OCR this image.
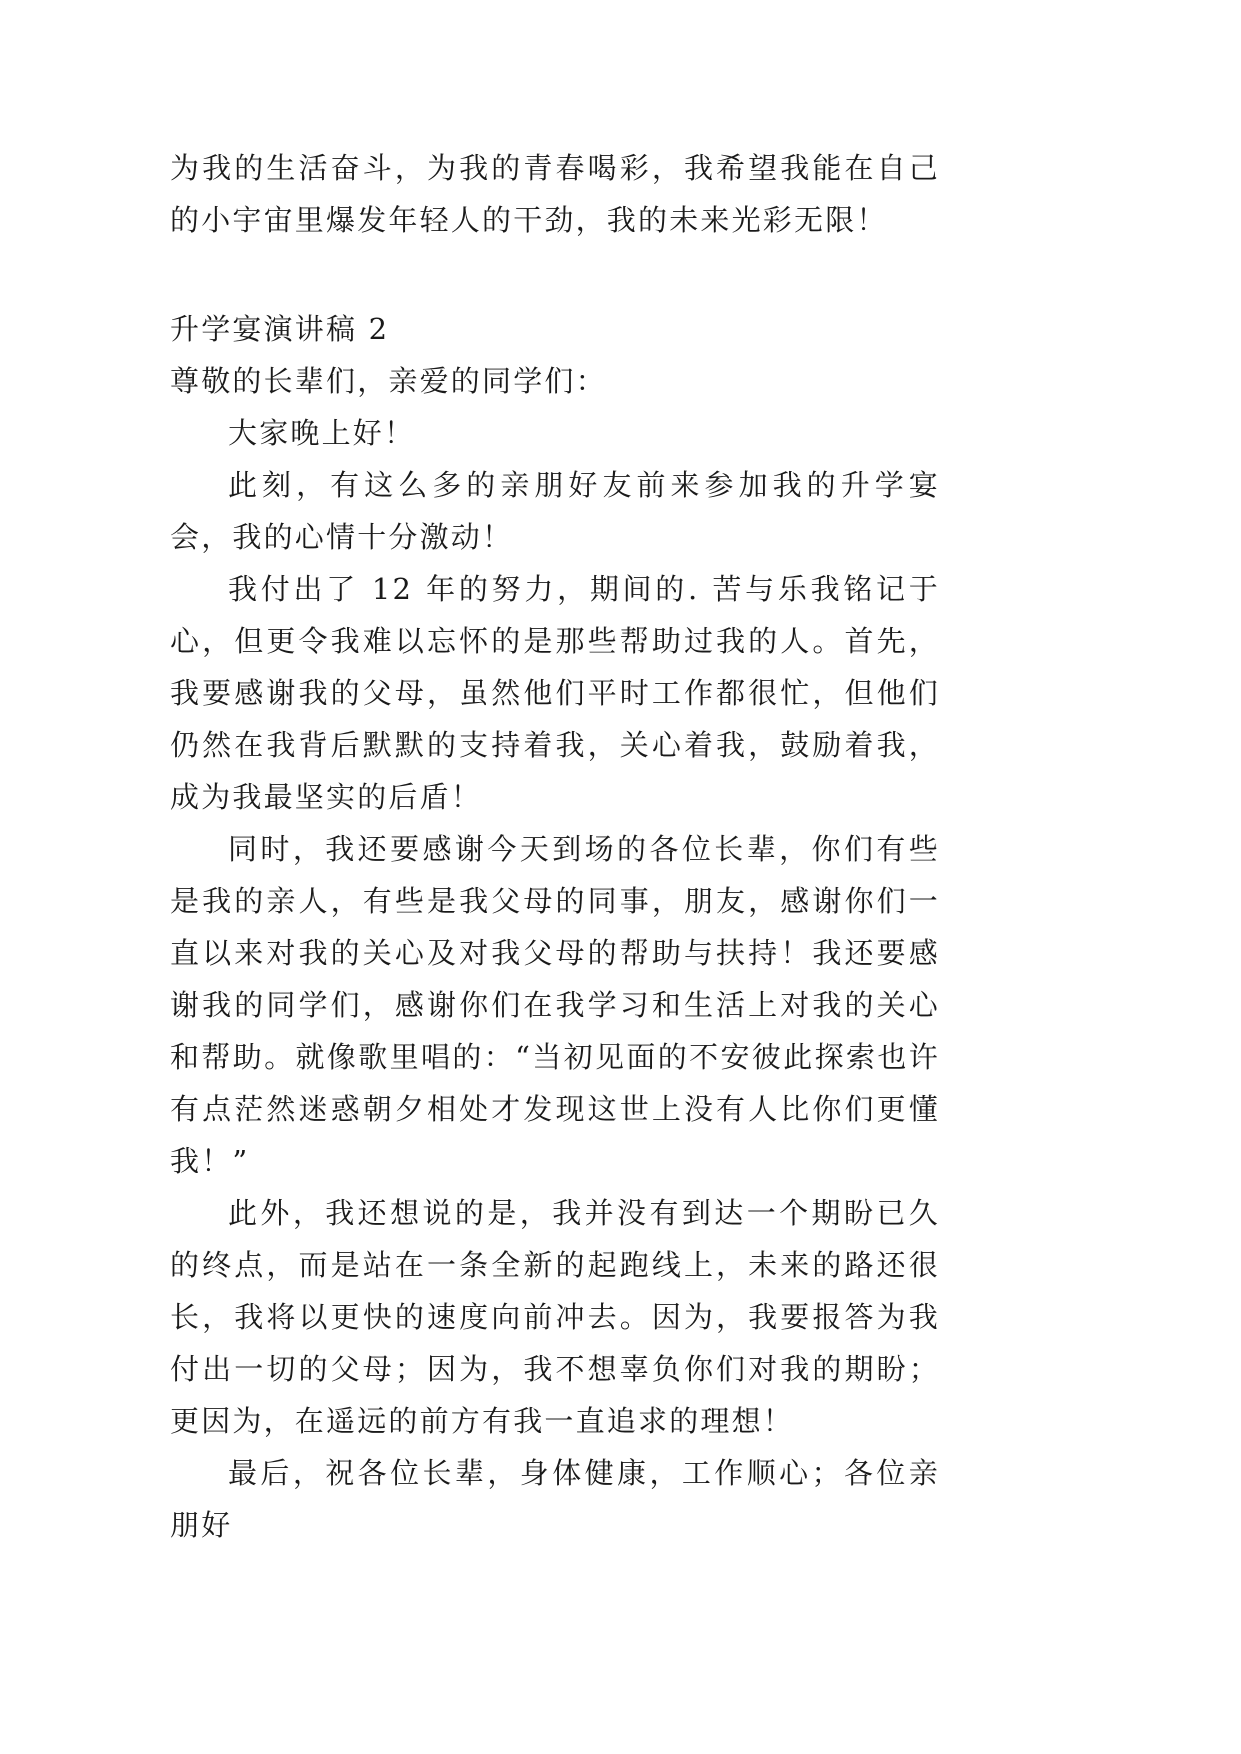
为我的生活奋斗，为我的青春喝彩，我希望我能在自己的小宇宙里爆发年轻人的干劲，我的未来光彩无限！

升学宴演讲稿 2

尊敬的长辈们，亲爱的同学们：

大家晚上好！

此刻，有这么多的亲朋好友前来参加我的升学宴会，我的心情十分激动！

我付出了 12 年的努力，期间的. 苦与乐我铭记于心，但更令我难以忘怀的是那些帮助过我的人。首先，我要感谢我的父母，虽然他们平时工作都很忙，但他们仍然在我背后默默的支持着我，关心着我，鼓励着我，成为我最坚实的后盾！

同时，我还要感谢今天到场的各位长辈，你们有些是我的亲人，有些是我父母的同事，朋友，感谢你们一直以来对我的关心及对我父母的帮助与扶持！我还要感谢我的同学们，感谢你们在我学习和生活上对我的关心和帮助。就像歌里唱的：“当初见面的不安彼此探索也许有点茫然迷惑朝夕相处才发现这世上没有人比你们更懂我！”

此外，我还想说的是，我并没有到达一个期盼已久的终点，而是站在一条全新的起跑线上，未来的路还很长，我将以更快的速度向前冲去。因为，我要报答为我付出一切的父母；因为，我不想辜负你们对我的期盼；更因为，在遥远的前方有我一直追求的理想！

最后，祝各位长辈，身体健康，工作顺心；各位亲朋好
